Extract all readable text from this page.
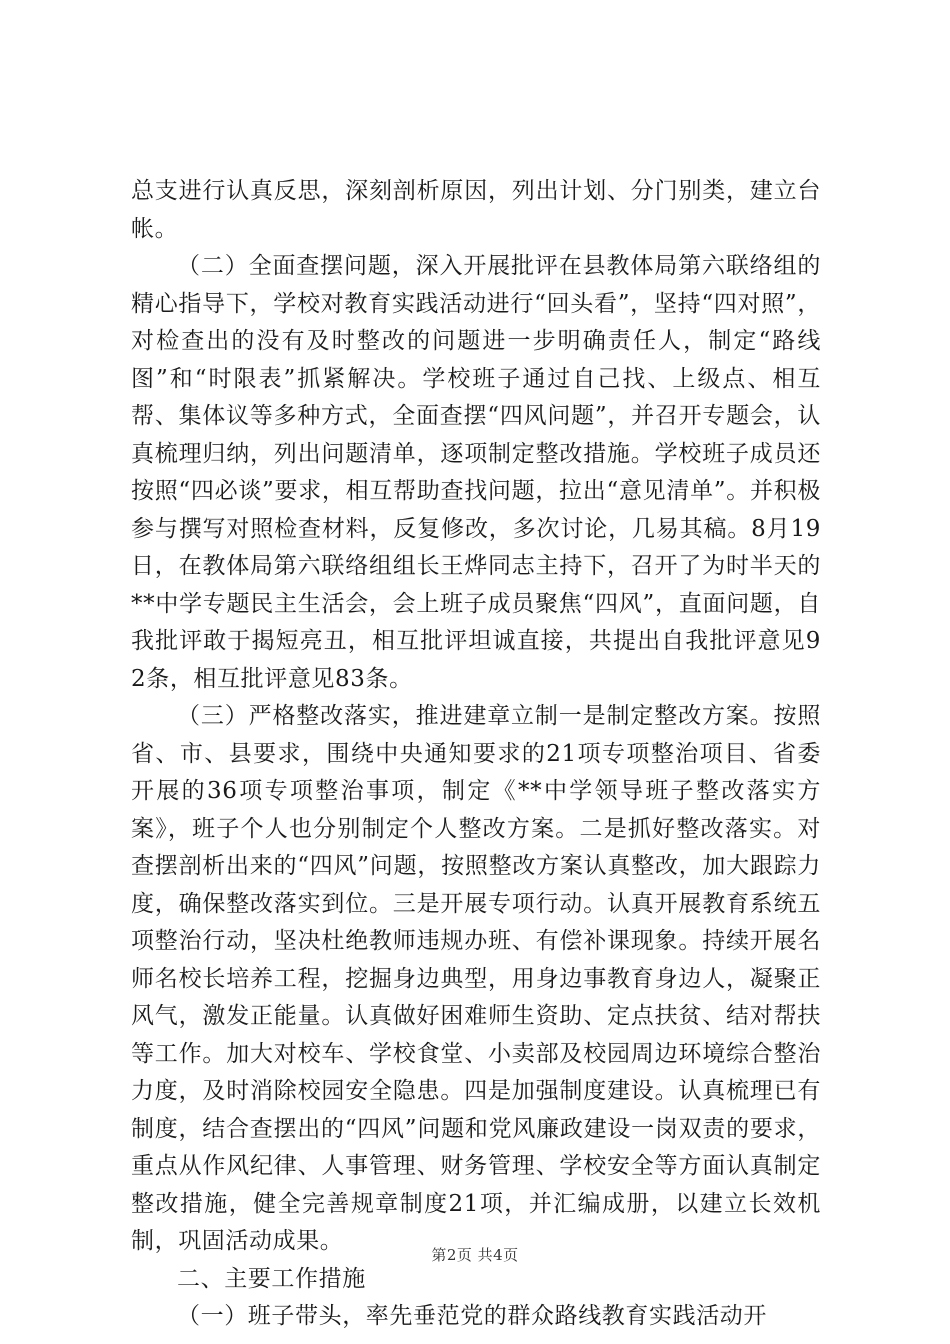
总支进行认真反思，深刻剖析原因，列出计划、分门别类，建立台帐。

（二）全面查摆问题，深入开展批评在县教体局第六联络组的精心指导下，学校对教育实践活动进行“回头看”，坚持“四对照”，对检查出的没有及时整改的问题进一步明确责任人，制定“路线图”和“时限表”抓紧解决。学校班子通过自己找、上级点、相互帮、集体议等多种方式，全面查摆“四风问题”，并召开专题会，认真梳理归纳，列出问题清单，逐项制定整改措施。学校班子成员还按照“四必谈”要求，相互帮助查找问题，拉出“意见清单”。并积极参与撰写对照检查材料，反复修改，多次讨论，几易其稿。8月19日，在教体局第六联络组组长王烨同志主持下，召开了为时半天的**中学专题民主生活会，会上班子成员聚焦“四风”，直面问题，自我批评敢于揭短亮丑，相互批评坦诚直接，共提出自我批评意见92条，相互批评意见83条。

（三）严格整改落实，推进建章立制一是制定整改方案。按照省、市、县要求，围绕中央通知要求的21项专项整治项目、省委开展的36项专项整治事项，制定《**中学领导班子整改落实方案》，班子个人也分别制定个人整改方案。二是抓好整改落实。对查摆剖析出来的“四风”问题，按照整改方案认真整改，加大跟踪力度，确保整改落实到位。三是开展专项行动。认真开展教育系统五项整治行动，坚决杜绝教师违规办班、有偿补课现象。持续开展名师名校长培养工程，挖掘身边典型，用身边事教育身边人，凝聚正风气，激发正能量。认真做好困难师生资助、定点扶贫、结对帮扶等工作。加大对校车、学校食堂、小卖部及校园周边环境综合整治力度，及时消除校园安全隐患。四是加强制度建设。认真梳理已有制度，结合查摆出的“四风”问题和党风廉政建设一岗双责的要求，重点从作风纪律、人事管理、财务管理、学校安全等方面认真制定整改措施，健全完善规章制度21项，并汇编成册，以建立长效机制，巩固活动成果。

二、主要工作措施

（一）班子带头，率先垂范党的群众路线教育实践活动开

第2页 共4页
